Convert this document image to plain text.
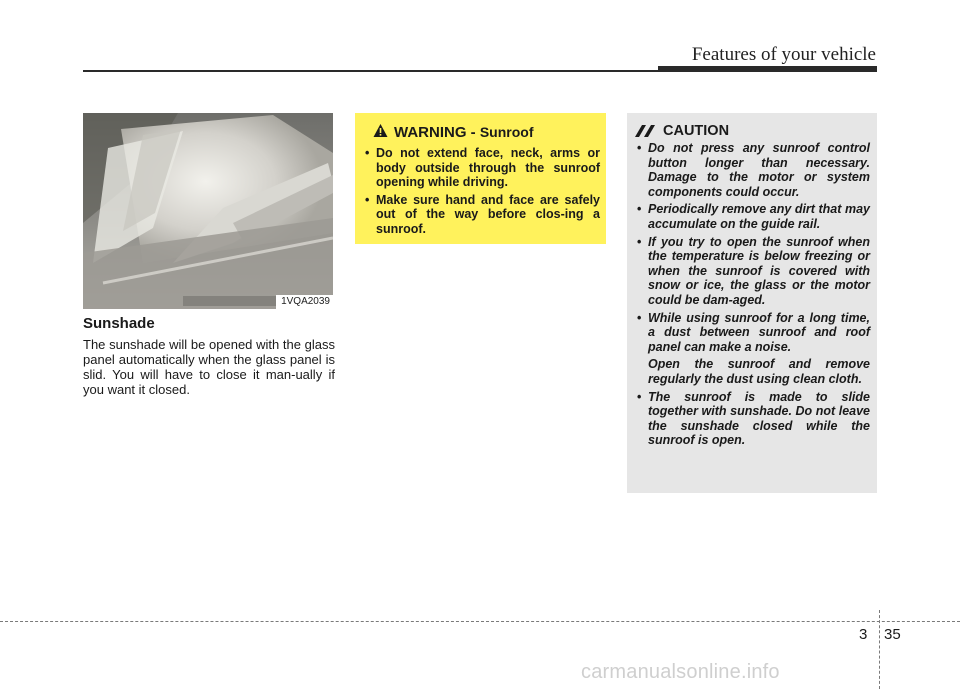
Features of your vehicle
1VQA2039
Sunshade

The sunshade will be opened with the glass panel automatically when the glass panel is slid. You will have to close it man-ually if you want it closed.

WARNING - Sunroof
• Do not extend face, neck, arms or body outside through the sunroof opening while driving.
• Make sure hand and face are safely out of the way before clos-ing a sunroof.
CAUTION
• Do not press any sunroof control button longer than necessary. Damage to the motor or system components could occur.
• Periodically remove any dirt that may accumulate on the guide rail.
• If you try to open the sunroof when the temperature is below freezing or when the sunroof is covered with snow or ice, the glass or the motor could be dam-aged.
• While using sunroof for a long time, a dust between sunroof and roof panel can make a noise.
Open the sunroof and remove regularly the dust using clean cloth.
• The sunroof is made to slide together with sunshade. Do not leave the sunshade closed while the sunroof is open.
3 35
carmanualsonline.info
